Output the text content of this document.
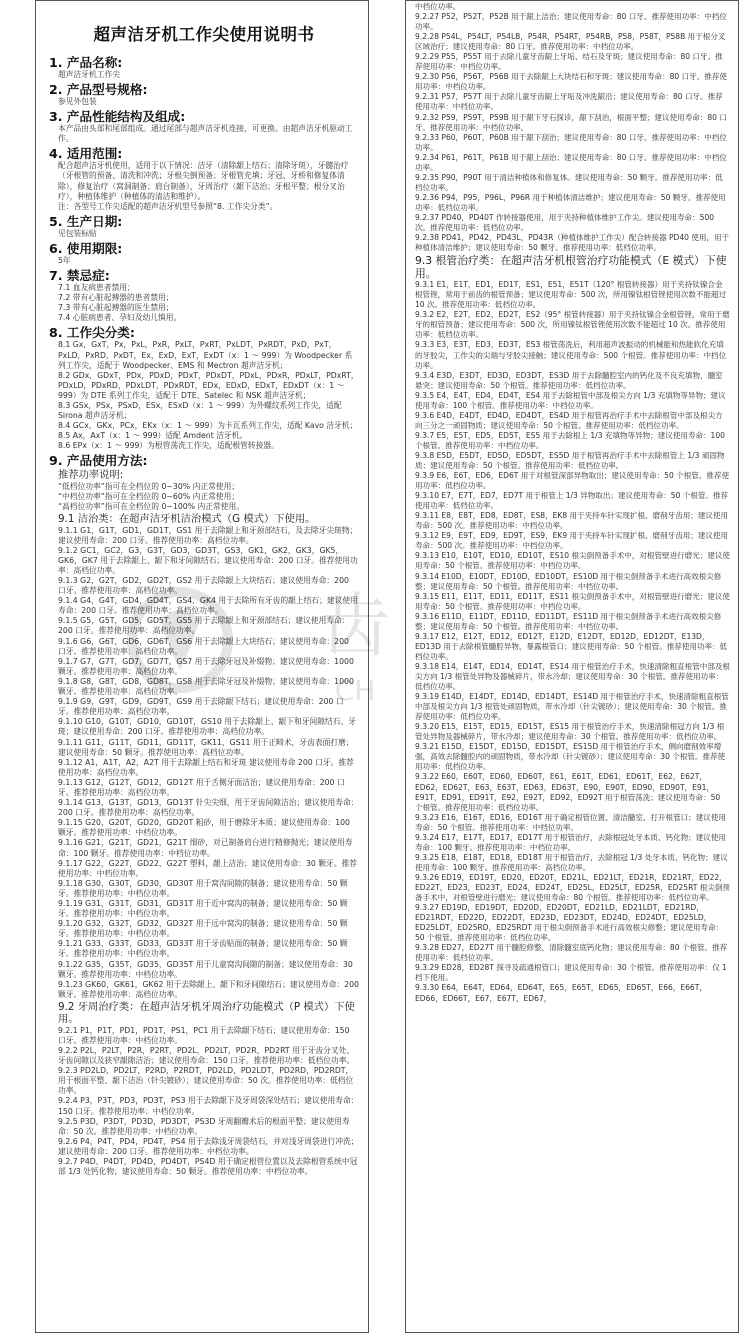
超声洁牙机工作尖使用说明书
1. 产品名称:
超声洁牙机工作尖
2. 产品型号规格:
参见外包装
3. 产品性能结构及组成:
本产品由头部和尾部组成。通过尾部与超声洁牙机连接，可更换。由超声洁牙机驱动工作。
4. 适用范围:
配合超声洁牙机使用，适用于以下情况：洁牙（清除龈上结石；清除牙斑），牙髓治疗（牙根管的预备、清洗和冲洗；牙根尖倒预备；牙根管充填；牙冠、牙桥和修复体清除），修复治疗（窝洞制备；肩台制备），牙周治疗（龈下洁治；牙根平整；根分叉治疗），种植体维护（种植体的清洁和维护）。
注：各型号工作尖适配的超声洁牙机型号参照“8. 工作尖分类”。
5. 生产日期:
见包装标贴
6. 使用期限:
5年
7. 禁忌症:
7.1 血友病患者禁用；
7.2 带有心脏起搏器的患者禁用；
7.3 带有心脏起搏器的医生禁用；
7.4 心脏病患者、孕妇及幼儿慎用。
8. 工作尖分类:
8.1 Gx，GxT，Px，PxL，PxR，PxLT，PxRT，PxLDT，PxRDT，PxD，PxT，PxLD，PxRD，PxDT，Ex，ExD，ExT，ExDT（x：1 ～ 999）为 Woodpecker 系列工作尖，适配于 Woodpecker、EMS 和 Mectron 超声洁牙机；
8.2 GDx，GDxT，PDx，PDxD，PDxT，PDxDT，PDxL，PDxR，PDxLT，PDxRT，PDxLD，PDxRD，PDxLDT，PDxRDT，EDx，EDxD，EDxT，EDxDT（x：1 ～ 999）为 DTE 系列工作尖，适配于 DTE、Satelec 和 NSK 超声洁牙机；
8.3 GSx，PSx，PSxD，ESx，ESxD（x：1 ～ 999）为外螺纹系列工作尖，适配 Sirona 超声洁牙机；
8.4 GCx，GKx，PCx，EKx（x：1 ～ 999）为卡瓦系列工作尖，适配 Kavo 洁牙机；
8.5 Ax，AxT（x：1 ～ 999）适配 Amdent 洁牙机。
8.6 EPx（x：1 ～ 999）为根管荡洗工作尖，适配根管转接器。
9. 产品使用方法:
推荐功率说明:
“低档位功率”指可在全档位的 0~30% 内正常使用；
“中档位功率”指可在全档位的 0~60% 内正常使用；
“高档位功率”指可在全档位的 0~100% 内正常使用。
9.1 洁治类：在超声洁牙机洁治模式（G 模式）下使用。
9.1.1 G1，G1T，GD1，GD1T，GS1 用于去除龈上和牙颈部结石，及去除牙尖斑物；建议使用寿命：200 口牙。推荐使用功率：高档位功率。
9.1.2 GC1，GC2，G3，G3T，GD3，GD3T，GS3，GK1，GK2，GK3，GK5，GK6，GK7 用于去除龈上、龈下和牙间隙结石；建议使用寿命：200 口牙。推荐使用功率：高档位功率。
9.1.3 G2，G2T，GD2，GD2T，GS2 用于去除龈上大块结石；建议使用寿命：200 口牙。推荐使用功率：高档位功率。
9.1.4 G4，G4T，GD4，GD4T，GS4，GK4 用于去除所有牙齿的龈上结石；建议使用寿命：200 口牙。推荐使用功率：高档位功率。
9.1.5 G5，G5T，GD5，GD5T，GS5 用于去除龈上和牙颈部结石；建议使用寿命：200 口牙。推荐使用功率：高档位功率。
9.1.6 G6，G6T，GD6，GD6T，GS6 用于去除龈上大块结石；建议使用寿命：200 口牙。推荐使用功率：高档位功率。
9.1.7 G7，G7T，GD7，GD7T，GS7 用于去除牙冠及补缀物；建议使用寿命：1000 颗牙。推荐使用功率：高档位功率。
9.1.8 G8，G8T，GD8，GD8T，GS8 用于去除牙冠及补缀物；建议使用寿命：1000 颗牙。推荐使用功率：高档位功率。
9.1.9 G9，G9T，GD9，GD9T，GS9 用于去除龈下结石；建议使用寿命：200 口牙。推荐使用功率：高档位功率。
9.1.10 G10，G10T，GD10，GD10T，GS10 用于去除龈上、龈下和牙间隙结石、牙斑；建议使用寿命：200 口牙。推荐使用功率：高档位功率。
9.1.11 G11，G11T，GD11，GD11T，GK11，GS11 用于正畸术，牙齿表面打磨；建议使用寿命：50 颗牙。推荐使用功率：高档位功率。
9.1.12 A1，A1T，A2，A2T 用于去除龈上结石和牙斑 建议使用寿命 200 口牙。推荐使用功率：高档位功率。
9.1.13 G12，G12T，GD12，GD12T 用于舌侧牙面洁治；建议使用寿命：200 口牙。推荐使用功率：高档位功率。
9.1.14 G13，G13T，GD13，GD13T 针尖尖细，用于牙齿间隙洁治；建议使用寿命：200 口牙。推荐使用功率：高档位功率。
9.1.15 G20，G20T，GD20，GD20T 粗砂，用于磨除牙本质；建议使用寿命：100 颗牙。推荐使用功率：中档位功率。
9.1.16 G21，G21T，GD21，G21T 细砂，对已制备肩台进行精修抛光；建议使用寿命：100 颗牙。推荐使用功率：中档位功率。
9.1.17 G22，G22T，GD22，G22T 塑料，龈上洁治；建议使用寿命：30 颗牙。推荐使用功率：中档位功率。
9.1.18 G30，G30T，GD30，GD30T 用于窝沟间隙的制备；建议使用寿命：50 颗牙。推荐使用功率：中档位功率。
9.1.19 G31，G31T，GD31，GD31T 用于近中窝沟的制备；建议使用寿命：50 颗牙。推荐使用功率：中档位功率。
9.1.20 G32，G32T，GD32，GD32T 用于远中窝沟的制备；建议使用寿命：50 颗牙。推荐使用功率：中档位功率。
9.1.21 G33，G33T，GD33，GD33T 用于牙齿贴面的制备；建议使用寿命：50 颗牙。推荐使用功率：中档位功率。
9.1.22 G35，G35T，GD35，GD35T 用于儿童窝沟间隙的制备；建议使用寿命：30 颗牙。推荐使用功率：中档位功率。
9.1.23 GK60，GK61，GK62 用于去除龈上、龈下和牙间隙结石；建议使用寿命：200 颗牙。推荐使用功率：高档位功率。
9.2 牙周治疗类：在超声洁牙机牙周治疗功能模式（P 模式）下使用。
9.2.1 P1，P1T，PD1，PD1T，PS1，PC1 用于去除龈下结石；建议使用寿命：150 口牙。推荐使用功率：中档位功率。
9.2.2 P2L，P2LT，P2R，P2RT，PD2L，PD2LT，PD2R，PD2RT 用于牙齿分叉处、牙齿间隙以及狭窄龈隙洁治；建议使用寿命：150 口牙。推荐使用功率：低档位功率。
9.2.3 PD2LD，PD2LT，P2RD，P2RDT，PD2LD，PD2LDT，PD2RD，PD2RDT，用于根面平整、龈下洁治（针尖镀砂）；建议使用寿命：50 次。推荐使用功率：低档位功率。
9.2.4 P3，P3T，PD3，PD3T，PS3 用于去除龈下及牙周袋深处结石；建议使用寿命：150 口牙。推荐使用功率：中档位功率。
9.2.5 P3D，P3DT，PD3D，PD3DT，PS3D 牙周翻瓣术后的根面平整；建议使用寿命：50 次。推荐使用功率：中档位功率。
9.2.6 P4，P4T，PD4，PD4T，PS4 用于去除浅牙周袋结石，并对浅牙周袋进行冲洗；建议使用寿命：200 口牙。推荐使用功率：中档位功率。
9.2.7 P4D，P4DT，PD4D，PD4DT，PS4D 用于确定根管位置以及去除根管系统中冠部 1/3 处钙化物；建议使用寿命：50 颗牙。推荐使用功率：中档位功率。
中档位功率。
9.2.27 P52，P52T，P52B 用于龈上洁治；建议使用寿命：80 口牙。推荐使用功率：中档位功率。
9.2.28 P54L，P54LT，P54LB，P54R，P54RT，P54RB，P58，P58T，P58B 用于根分叉区域治疗；建议使用寿命：80 口牙。推荐使用功率：中档位功率。
9.2.29 P55，P55T 用于去除儿童牙齿龈上牙垢、结石及牙斑；建议使用寿命：80 口牙。推荐使用功率：中档位功率。
9.2.30 P56，P56T，P56B 用于去除龈上大块结石和牙斑；建议使用寿命：80 口牙。推荐使用功率：中档位功率。
9.2.31 P57，P57T 用于去除儿童牙齿龈上牙垢及冲洗龈沿；建议使用寿命：80 口牙。推荐使用功率：中档位功率。
9.2.32 P59，P59T，P59B 用于龈下牙石探诊，龈下刮治，根面平整；建议使用寿命：80 口牙。推荐使用功率：中档位功率。
9.2.33 P60，P60T，P60B 用于龈下刮治；建议使用寿命：80 口牙。推荐使用功率：中档位功率。
9.2.34 P61，P61T，P61B 用于龈上刮治；建议使用寿命：80 口牙。推荐使用功率：中档位功率。
9.2.35 P90，P90T 用于清洁种植体和修复体。建议使用寿命：50 颗牙。推荐使用功率：低档位功率。
9.2.36 P94，P95，P96L，P96R 用于种植体清洁维护；建议使用寿命：50 颗牙。推荐使用功率：低档位功率。
9.2.37 PD40，PD40T 作转接器使用，用于夹持种植体维护工作尖。建议使用寿命：500 次。推荐使用功率：低档位功率。
9.2.38 PD41，PD42，PD43L，PD43R（种植体维护工作尖）配合转接器 PD40 使用，用于种植体清洁维护；建议使用寿命：50 颗牙。推荐使用功率：低档位功率。
9.3 根管治疗类：在超声洁牙机根管治疗功能模式（E 模式）下使用。
9.3.1 E1，E1T，ED1，ED1T，ES1，E51，E51T（120° 根管转接器）用于夹持钛镍合金根管锉，常用于前齿的根管预备；建议使用寿命：500 次，所用镍钛根管锉使用次数不能超过 10 次。推荐使用功率：低档位功率。
9.3.2 E2，E2T，ED2，ED2T，ES2（95° 根管转接器）用于夹持钛镍合金根管锉，常用于磨牙的根管预备；建议使用寿命：500 次，所用镍钛根管锉使用次数不能超过 10 次。推荐使用功率：低档位功率。
9.3.3 E3，E3T，ED3，ED3T，ES3 根管荡洗后，利用超声波振动的机械能和热能软化充填的牙胶尖，工作尖的尖端与牙胶尖接触；建议使用寿命：500 个根管。推荐使用功率：中档位功率。
9.3.4 E3D，E3DT，ED3D，ED3DT，ES3D 用于去除髓腔室内的钙化及不良充填物，髓室悬突；建议使用寿命：50 个根管。推荐使用功率：低档位功率。
9.3.5 E4，E4T，ED4，ED4T，ES4 用于去除根管中部及根尖方向 1/3 充填物等异物；建议使用寿命：100 个根管。推荐使用功率：中档位功率。
9.3.6 E4D，E4DT，ED4D，ED4DT，ES4D 用于根管再治疗手术中去除根管中部及根尖方向三分之一顽固物质；建议使用寿命：50 个根管。推荐使用功率：低档位功率。
9.3.7 E5，E5T，ED5，ED5T，ES5 用于去除根上 1/3 充填物等异物；建议使用寿命：100 个根管。推荐使用功率：中档位功率。
9.3.8 E5D，E5DT，ED5D，ED5DT，ES5D 用于根管再治疗手术中去除根管上 1/3 顽固物质；建议使用寿命：50 个根管。推荐使用功率：低档位功率。
9.3.9 E6，E6T，ED6，ED6T 用于对根管深部异物取出；建议使用寿命：50 个根管。推荐使用功率：低档位功率。
9.3.10 E7，E7T，ED7，ED7T 用于根管上 1/3 异物取出；建议使用寿命：50 个根管。推荐使用功率：低档位功率。
9.3.11 E8，E8T，ED8，ED8T，ES8，EK8 用于夹持车针实现扩根、磨削牙齿用；建议使用寿命：500 次。推荐使用功率：中档位功率。
9.3.12 E9，E9T，ED9，ED9T，ES9，EK9 用于夹持车针实现扩根、磨削牙齿用；建议使用寿命：500 次。推荐使用功率：中档位功率。
9.3.13 E10，E10T，ED10，ED10T，ES10 根尖倒预备手术中，对根管壁进行磨光；建议使用寿命：50 个根管。推荐使用功率：中档位功率。
9.3.14 E10D，E10DT，ED10D，ED10DT，ES10D 用于根尖倒预备手术进行高效根尖修整；建议使用寿命：50 个根管。推荐使用功率：中档位功率。
9.3.15 E11，E11T，ED11，ED11T，ES11 根尖倒预备手术中，对根管壁进行磨光；建议使用寿命：50 个根管。推荐使用功率：中档位功率。
9.3.16 E11D，E11DT，ED11D，ED11DT，ES11D 用于根尖倒预备手术进行高效根尖修整；建议使用寿命：50 个根管。推荐使用功率：中档位功率。
9.3.17 E12，E12T，ED12，ED12T，E12D，E12DT，ED12D，ED12DT，E13D，ED13D 用于去除根管髓腔异物，暴露根管口；建议使用寿命：50 个根管。推荐使用功率：低档位功率。
9.3.18 E14，E14T，ED14，ED14T，ES14 用于根管治疗手术，快速清除粗直根管中部及根尖方向 1/3 根管处异物及器械碎片，带水冷却；建议使用寿命：30 个根管。推荐使用功率：低档位功率。
9.3.19 E14D，E14DT，ED14D，ED14DT，ES14D 用于根管治疗手术，快速清除粗直根管中部及根尖方向 1/3 根管处顽固物质，带水冷却（针尖镀砂）；建议使用寿命：30 个根管。推荐使用功率：低档位功率。
9.3.20 E15，E15T，ED15，ED15T，ES15 用于根管治疗手术，快速清除根冠方向 1/3 根管处异物及器械碎片，带水冷却；建议使用寿命：30 个根管。推荐使用功率：低档位功率。
9.3.21 E15D，E15DT，ED15D，ED15DT，ES15D 用于根管治疗手术，侧向磨削效率增强，高效去除髓腔内的顽固物质，带水冷却（针尖镀砂）；建议使用寿命：30 个根管。推荐使用功率：低档位功率。
9.3.22 E60，E60T，ED60，ED60T，E61，E61T，ED61，ED61T，E62，E62T，ED62，ED62T，E63，E63T，ED63，ED63T，E90，E90T，ED90，ED90T，E91，E91T，ED91，ED91T，E92，E92T，ED92，ED92T 用于根管荡洗；建议使用寿命：50 个根管。推荐使用功率：低档位功率。
9.3.23 E16，E16T，ED16，ED16T 用于确定根管位置、清洁髓室、打开根管口；建议使用寿命：50 个根管。推荐使用功率：中档位功率。
9.3.24 E17，E17T，ED17，ED17T 用于根管治疗，去除根冠处牙本质、钙化物；建议使用寿命：100 颗牙。推荐使用功率：中档位功率。
9.3.25 E18，E18T，ED18，ED18T 用于根管治疗，去除根冠 1/3 处牙本质、钙化物；建议使用寿命：100 颗牙。推荐使用功率：高档位功率。
9.3.26 ED19，ED19T，ED20，ED20T，ED21L，ED21LT，ED21R，ED21RT，ED22，ED22T，ED23，ED23T，ED24，ED24T，ED25L，ED25LT，ED25R，ED25RT 根尖倒预备手术中，对根管壁进行磨光；建议使用寿命：80 个根管。推荐使用功率：低档位功率。
9.3.27 ED19D，ED19DT，ED20D，ED20DT，ED21LD，ED21LDT，ED21RD，ED21RDT，ED22D，ED22DT，ED23D，ED23DT，ED24D，ED24DT，ED25LD，ED25LDT，ED25RD，ED25RDT 用于根尖倒预备手术进行高效根尖修整；建议使用寿命：50 个根管。推荐使用功率：低档位功率。
9.3.28 ED27，ED27T 用于髓腔修整，清除髓室底钙化物；建议使用寿命：80 个根管。推荐使用功率：低档位功率。
9.3.29 ED28，ED28T 探寻及疏通根管口；建议使用寿命：30 个根管。推荐使用功率：仅 1 档下使用。
9.3.30 E64，E64T，ED64，ED64T，E65，E65T，ED65，ED65T，E66，E66T，ED66，ED66T，E67，E67T，ED67，
